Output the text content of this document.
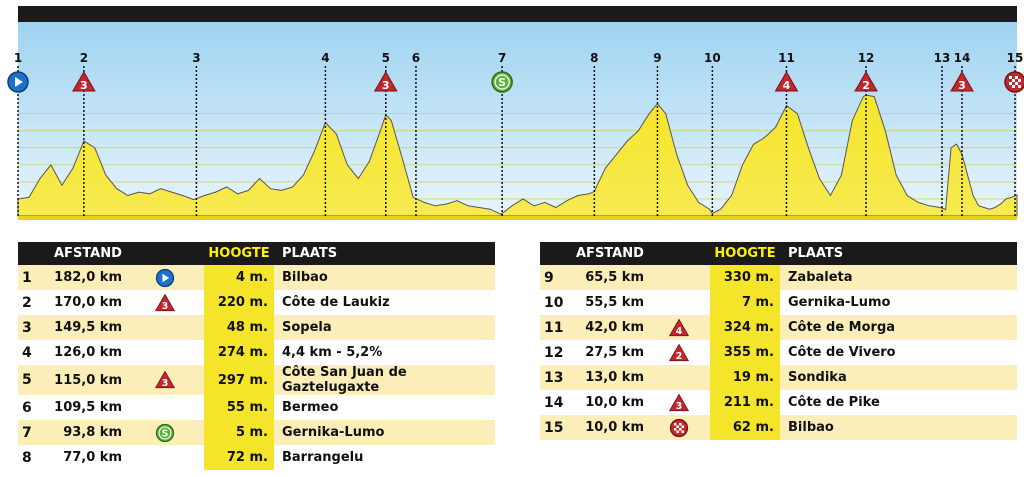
1	2
3
3	4	5
3
6	7
S
8	9	10	11
4
12
2
13 14
3
15
	AFSTAND		HOOGTE	PLAATS
1	182,0 km		4 m.	Bilbao
2	170,0 km	3	220 m.	Côte de Laukiz
3	149,5 km		48 m.	Sopela
4	126,0 km		274 m.	4,4 km - 5,2%
5	115,0 km	3	297 m.	Côte San Juan de Gaztelugaxte
6	109,5 km		55 m.	Bermeo
7	93,8 km	S	5 m.	Gernika-Lumo
8	77,0 km		72 m.	Barrangelu
	AFSTAND		HOOGTE	PLAATS
9	65,5 km		330 m.	Zabaleta
10	55,5 km		7 m.	Gernika-Lumo
11	42,0 km	4	324 m.	Côte de Morga
12	27,5 km	2	355 m.	Côte de Vivero
13	13,0 km		19 m.	Sondika
14	10,0 km	3	211 m.	Côte de Pike
15	10,0 km		62 m.	Bilbao
